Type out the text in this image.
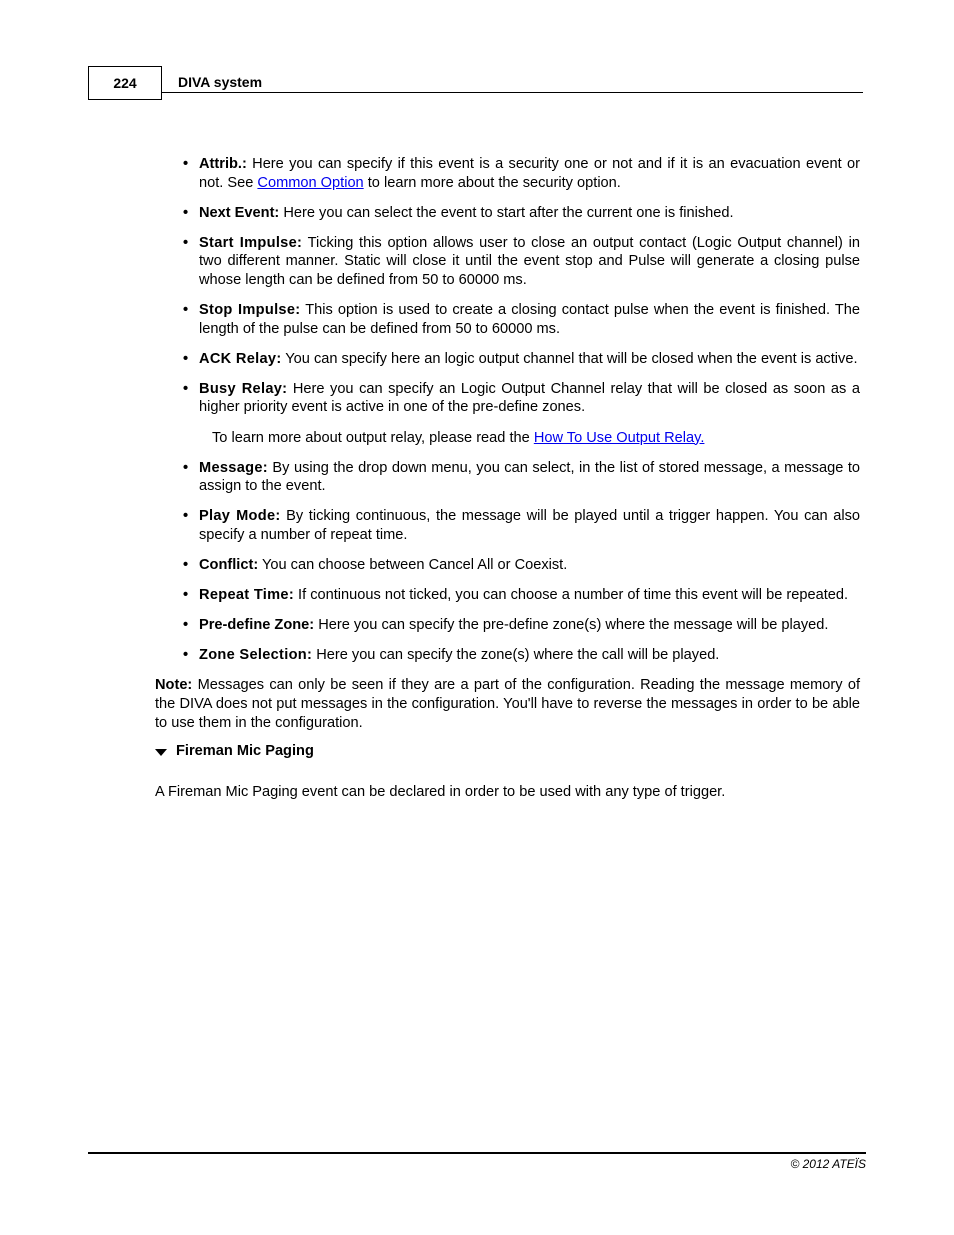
224	DIVA system
• Attrib.: Here you can specify if this event is a security one or not and if it is an evacuation event or not. See Common Option to learn more about the security option.
• Next Event: Here you can select the event to start after the current one is finished.
• Start Impulse: Ticking this option allows user to close an output contact (Logic Output channel) in two different manner. Static will close it until the event stop and Pulse will generate a closing pulse whose length can be defined from 50 to 60000 ms.
• Stop Impulse: This option is used to create a closing contact pulse when the event is finished. The length of the pulse can be defined from 50 to 60000 ms.
• ACK Relay: You can specify here an logic output channel that will be closed when the event is active.
• Busy Relay: Here you can specify an Logic Output Channel relay that will be closed as soon as a higher priority event is active in one of the pre-define zones.

To learn more about output relay, please read the How To Use Output Relay.

• Message: By using the drop down menu, you can select, in the list of stored message, a message to assign to the event.
• Play Mode: By ticking continuous, the message will be played until a trigger happen. You can also specify a number of repeat time.
• Conflict: You can choose between Cancel All or Coexist.
• Repeat Time: If continuous not ticked, you can choose a number of time this event will be repeated.
• Pre-define Zone: Here you can specify the pre-define zone(s) where the message will be played.
• Zone Selection: Here you can specify the zone(s) where the call will be played.

Note: Messages can only be seen if they are a part of the configuration. Reading the message memory of the DIVA does not put messages in the configuration. You'll have to reverse the messages in order to be able to use them in the configuration.

Fireman Mic Paging

A Fireman Mic Paging event can be declared in order to be used with any type of trigger.

© 2012 ATEÏS
